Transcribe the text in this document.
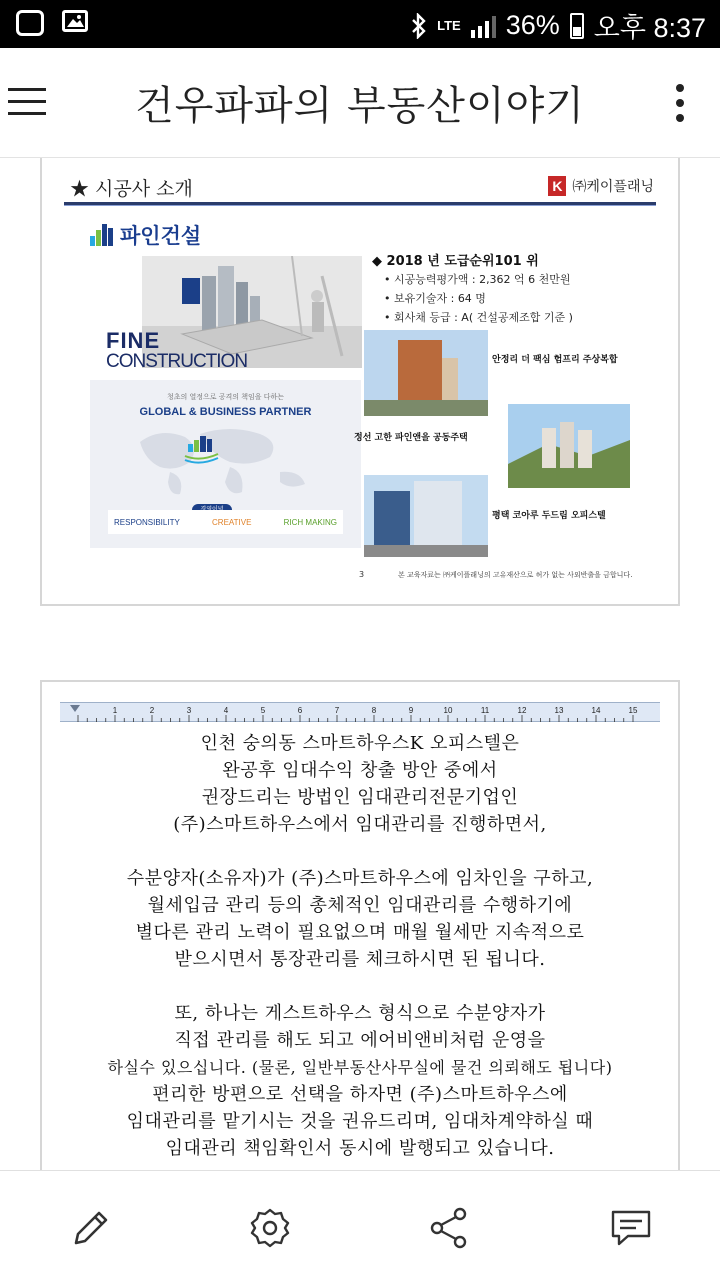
LTE 36% 오후 8:37
건우파파의 부동산이야기
★ 시공사 소개	K ㈜케이플래닝
파인건설
FINE
CONSTRUCTION
청초의 열정으로 공격의 책임을 다하는
GLOBAL & BUSINESS PARTNER
RESPONSIBILITY	CREATIVE	RICH MAKING
◆ 2018 년 도급순위101 위
• 시공능력평가액 : 2,362 억 6 천만원
• 보유기술자 : 64 명
• 회사채 등급 : A( 건설공제조합 기준 )
안정리 더 팩심 험프리 주상복합
정선 고한 파인앤을 공동주택
평택 코아루 두드림 오피스텔
3	본 교육자료는 ㈜케이플래닝의 고유재산으로 허가 없는 사외반출을 금합니다.
1	2	3	4	5	6	7	8	9	10	11	12	13	14	15

인천 숭의동 스마트하우스K 오피스텔은

완공후 임대수익 창출 방안 중에서

권장드리는 방법인 임대관리전문기업인

(주)스마트하우스에서 임대관리를 진행하면서,

수분양자(소유자)가 (주)스마트하우스에 임차인을 구하고,

월세입금 관리 등의 총체적인 임대관리를 수행하기에

별다른 관리 노력이 필요없으며 매월 월세만 지속적으로

받으시면서 통장관리를 체크하시면 된 됩니다.

또, 하나는 게스트하우스 형식으로 수분양자가

직접 관리를 해도 되고 에어비앤비처럼 운영을

하실수 있으십니다. (물론, 일반부동산사무실에 물건 의뢰해도 됩니다)

편리한 방편으로 선택을 하자면 (주)스마트하우스에

임대관리를 맡기시는 것을 권유드리며, 임대차계약하실 때

임대관리 책임확인서 동시에 발행되고 있습니다.
